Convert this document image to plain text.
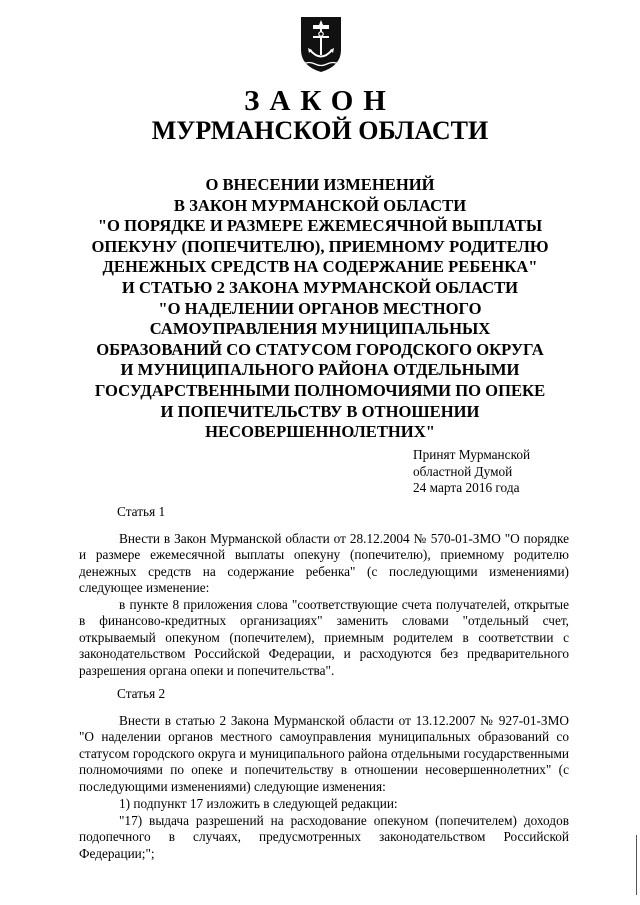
ЗАКОН
МУРМАНСКОЙ ОБЛАСТИ

О ВНЕСЕНИИ ИЗМЕНЕНИЙ
В ЗАКОН МУРМАНСКОЙ ОБЛАСТИ
"О ПОРЯДКЕ И РАЗМЕРЕ ЕЖЕМЕСЯЧНОЙ ВЫПЛАТЫ
ОПЕКУНУ (ПОПЕЧИТЕЛЮ), ПРИЕМНОМУ РОДИТЕЛЮ
ДЕНЕЖНЫХ СРЕДСТВ НА СОДЕРЖАНИЕ РЕБЕНКА"
И СТАТЬЮ 2 ЗАКОНА МУРМАНСКОЙ ОБЛАСТИ
"О НАДЕЛЕНИИ ОРГАНОВ МЕСТНОГО
САМОУПРАВЛЕНИЯ МУНИЦИПАЛЬНЫХ
ОБРАЗОВАНИЙ СО СТАТУСОМ ГОРОДСКОГО ОКРУГА
И МУНИЦИПАЛЬНОГО РАЙОНА ОТДЕЛЬНЫМИ
ГОСУДАРСТВЕННЫМИ ПОЛНОМОЧИЯМИ ПО ОПЕКЕ
И ПОПЕЧИТЕЛЬСТВУ В ОТНОШЕНИИ
НЕСОВЕРШЕННОЛЕТНИХ"

Принят Мурманской
областной Думой
24 марта 2016 года
Статья 1

Внести в Закон Мурманской области от 28.12.2004 № 570-01-ЗМО "О порядке и размере ежемесячной выплаты опекуну (попечителю), приемному родителю денежных средств на содержание ребенка" (с последующими изменениями) следующее изменение:

в пункте 8 приложения слова "соответствующие счета получателей, открытые в финансово-кредитных организациях" заменить словами "отдельный счет, открываемый опекуном (попечителем), приемным родителем в соответствии с законодательством Российской Федерации, и расходуются без предварительного разрешения органа опеки и попечительства".

Статья 2

Внести в статью 2 Закона Мурманской области от 13.12.2007 № 927-01-ЗМО "О наделении органов местного самоуправления муниципальных образований со статусом городского округа и муниципального района отдельными государственными полномочиями по опеке и попечительству в отношении несовершеннолетних" (с последующими изменениями) следующие изменения:

1) подпункт 17 изложить в следующей редакции:

"17) выдача разрешений на расходование опекуном (попечителем) доходов подопечного в случаях, предусмотренных законодательством Российской Федерации;";
